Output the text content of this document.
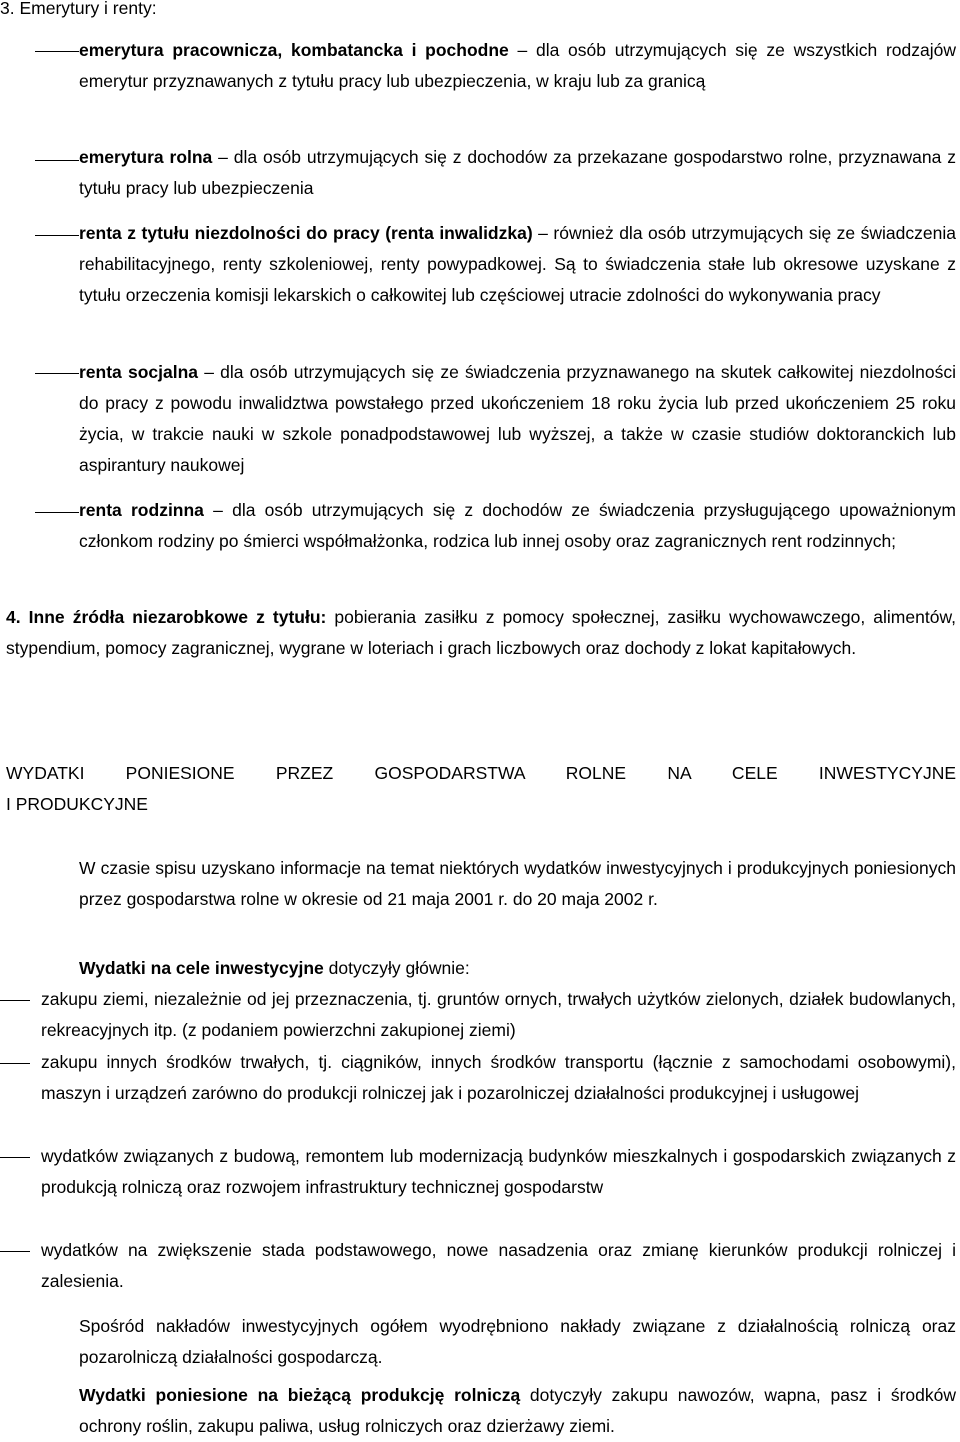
3. Emerytury i renty:

emerytura pracownicza, kombatancka i pochodne – dla osób utrzymujących się ze wszystkich rodzajów emerytur przyznawanych z tytułu pracy lub ubezpieczenia, w kraju lub za granicą

emerytura rolna – dla osób utrzymujących się z dochodów za przekazane gospodarstwo rolne, przyznawana z tytułu pracy lub ubezpieczenia

renta z tytułu niezdolności do pracy (renta inwalidzka) – również dla osób utrzymujących się ze świadczenia rehabilitacyjnego, renty szkoleniowej, renty powypadkowej. Są to świadczenia stałe lub okresowe uzyskane z tytułu orzeczenia komisji lekarskich o całkowitej lub częściowej utracie zdolności do wykonywania pracy

renta socjalna – dla osób utrzymujących się ze świadczenia przyznawanego na skutek całkowitej niezdolności do pracy z powodu inwalidztwa powstałego przed ukończeniem 18 roku życia lub przed ukończeniem 25 roku życia, w trakcie nauki w szkole ponadpodstawowej lub wyższej, a także w czasie studiów doktoranckich lub aspirantury naukowej

renta rodzinna – dla osób utrzymujących się z dochodów ze świadczenia przysługującego upoważnionym członkom rodziny po śmierci współmałżonka, rodzica lub innej osoby oraz zagranicznych rent rodzinnych;

4. Inne źródła niezarobkowe z tytułu: pobierania zasiłku z pomocy społecznej, zasiłku wychowawczego, alimentów, stypendium, pomocy zagranicznej, wygrane w loteriach i grach liczbowych oraz dochody z lokat kapitałowych.

WYDATKI PONIESIONE PRZEZ GOSPODARSTWA ROLNE NA CELE INWESTYCYJNE

I PRODUKCYJNE

W czasie spisu uzyskano informacje na temat niektórych wydatków inwestycyjnych i produkcyjnych poniesionych przez gospodarstwa rolne w okresie od 21 maja 2001 r. do 20 maja 2002 r.

Wydatki na cele inwestycyjne dotyczyły głównie:

zakupu ziemi, niezależnie od jej przeznaczenia, tj. gruntów ornych, trwałych użytków zielonych, działek budowlanych, rekreacyjnych itp. (z podaniem powierzchni zakupionej ziemi)

zakupu innych środków trwałych, tj. ciągników, innych środków transportu (łącznie z samochodami osobowymi), maszyn i urządzeń zarówno do produkcji rolniczej jak i pozarolniczej działalności produkcyjnej i usługowej

wydatków związanych z budową, remontem lub modernizacją budynków mieszkalnych i gospodarskich związanych z produkcją rolniczą oraz rozwojem infrastruktury technicznej gospodarstw

wydatków na zwiększenie stada podstawowego, nowe nasadzenia oraz zmianę kierunków produkcji rolniczej i zalesienia.

Spośród nakładów inwestycyjnych ogółem wyodrębniono nakłady związane z działalnością rolniczą oraz pozarolniczą działalności gospodarczą.

Wydatki poniesione na bieżącą produkcję rolniczą dotyczyły zakupu nawozów, wapna, pasz i środków ochrony roślin, zakupu paliwa, usług rolniczych oraz dzierżawy ziemi.
